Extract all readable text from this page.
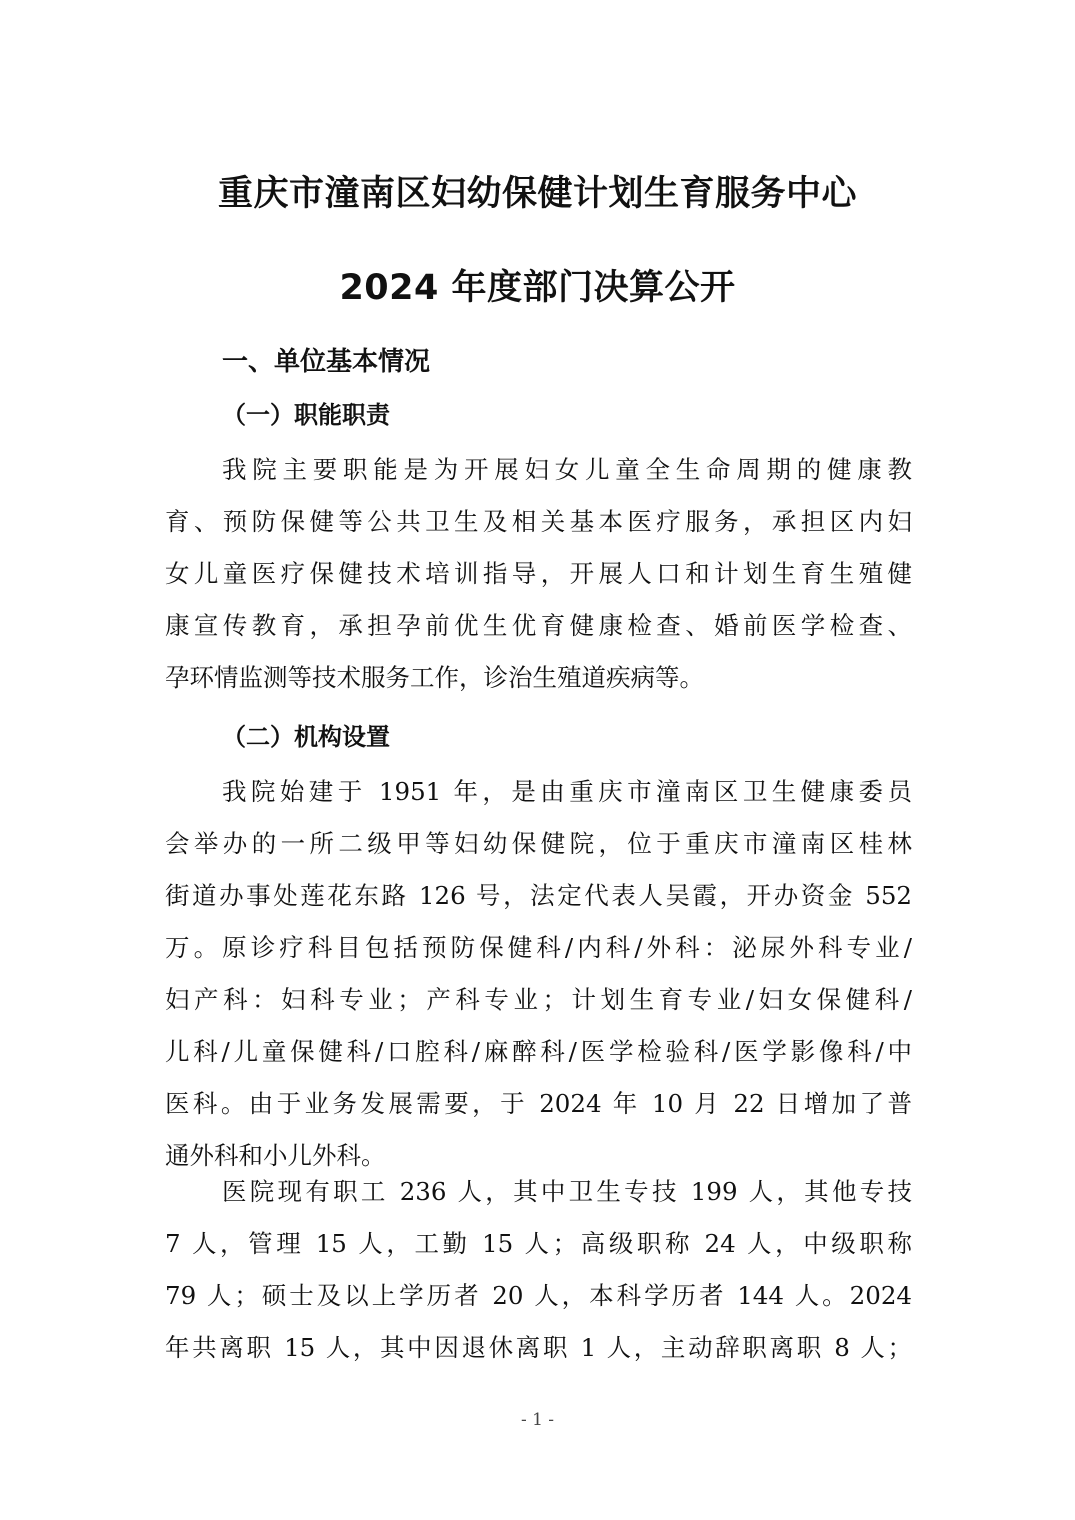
重庆市潼南区妇幼保健计划生育服务中心
2024 年度部门决算公开
一、单位基本情况
（一）职能职责
我院主要职能是为开展妇女儿童全生命周期的健康教
育、预防保健等公共卫生及相关基本医疗服务，承担区内妇
女儿童医疗保健技术培训指导，开展人口和计划生育生殖健
康宣传教育，承担孕前优生优育健康检查、婚前医学检查、
孕环情监测等技术服务工作，诊治生殖道疾病等。
（二）机构设置
我院始建于 1951 年，是由重庆市潼南区卫生健康委员
会举办的一所二级甲等妇幼保健院，位于重庆市潼南区桂林
街道办事处莲花东路 126 号，法定代表人吴霞，开办资金 552
万。原诊疗科目包括预防保健科/内科/外科：泌尿外科专业/
妇产科：妇科专业；产科专业；计划生育专业/妇女保健科/
儿科/儿童保健科/口腔科/麻醉科/医学检验科/医学影像科/中
医科。由于业务发展需要，于 2024 年 10 月 22 日增加了普
通外科和小儿外科。
医院现有职工 236 人，其中卫生专技 199 人，其他专技
7 人，管理 15 人，工勤 15 人；高级职称 24 人，中级职称
79 人；硕士及以上学历者 20 人，本科学历者 144 人。2024
年共离职 15 人，其中因退休离职 1 人，主动辞职离职 8 人；
- 1 -
